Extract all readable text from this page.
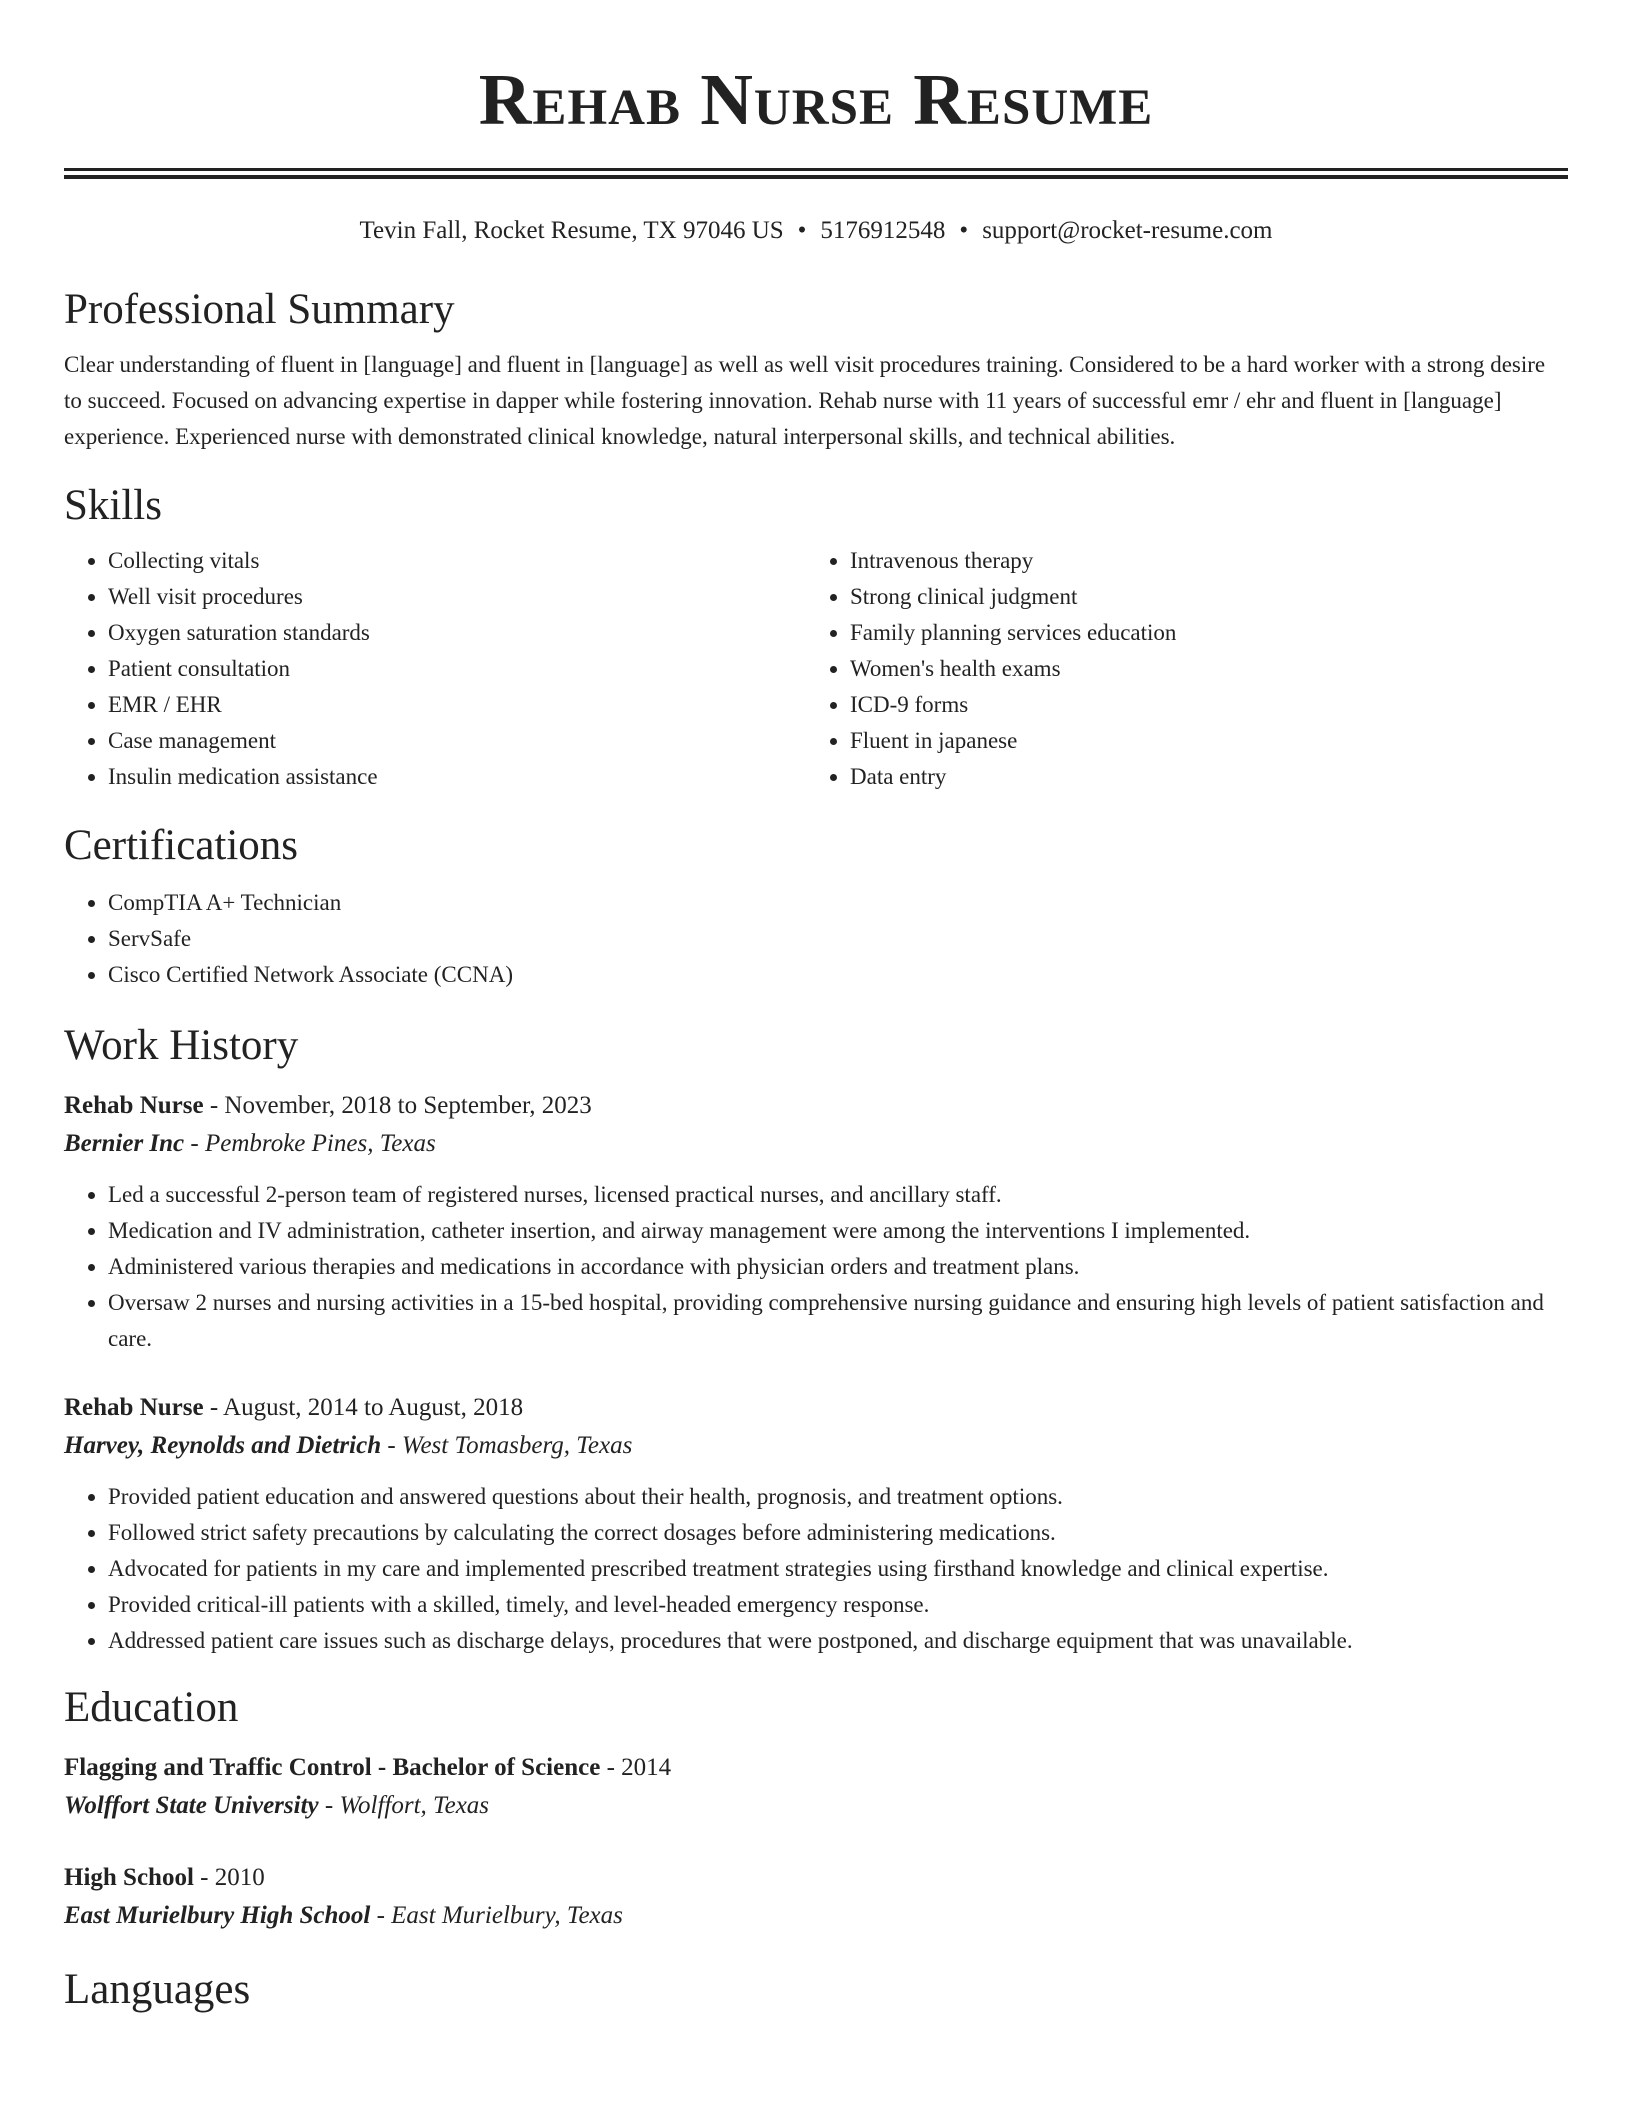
Rehab Nurse Resume
Tevin Fall, Rocket Resume, TX 97046 US • 5176912548 • support@rocket-resume.com
Professional Summary

Clear understanding of fluent in [language] and fluent in [language] as well as well visit procedures training. Considered to be a hard worker with a strong desire to succeed. Focused on advancing expertise in dapper while fostering innovation. Rehab nurse with 11 years of successful emr / ehr and fluent in [language] experience. Experienced nurse with demonstrated clinical knowledge, natural interpersonal skills, and technical abilities.

Skills
• Collecting vitals
• Well visit procedures
• Oxygen saturation standards
• Patient consultation
• EMR / EHR
• Case management
• Insulin medication assistance
• Intravenous therapy
• Strong clinical judgment
• Family planning services education
• Women's health exams
• ICD-9 forms
• Fluent in japanese
• Data entry
Certifications
• CompTIA A+ Technician
• ServSafe
• Cisco Certified Network Associate (CCNA)
Work History
Rehab Nurse - November, 2018 to September, 2023
Bernier Inc - Pembroke Pines, Texas
• Led a successful 2-person team of registered nurses, licensed practical nurses, and ancillary staff.
• Medication and IV administration, catheter insertion, and airway management were among the interventions I implemented.
• Administered various therapies and medications in accordance with physician orders and treatment plans.
• Oversaw 2 nurses and nursing activities in a 15-bed hospital, providing comprehensive nursing guidance and ensuring high levels of patient satisfaction and care.
Rehab Nurse - August, 2014 to August, 2018
Harvey, Reynolds and Dietrich - West Tomasberg, Texas
• Provided patient education and answered questions about their health, prognosis, and treatment options.
• Followed strict safety precautions by calculating the correct dosages before administering medications.
• Advocated for patients in my care and implemented prescribed treatment strategies using firsthand knowledge and clinical expertise.
• Provided critical-ill patients with a skilled, timely, and level-headed emergency response.
• Addressed patient care issues such as discharge delays, procedures that were postponed, and discharge equipment that was unavailable.
Education
Flagging and Traffic Control - Bachelor of Science - 2014
Wolffort State University - Wolffort, Texas
High School - 2010
East Murielbury High School - East Murielbury, Texas
Languages
